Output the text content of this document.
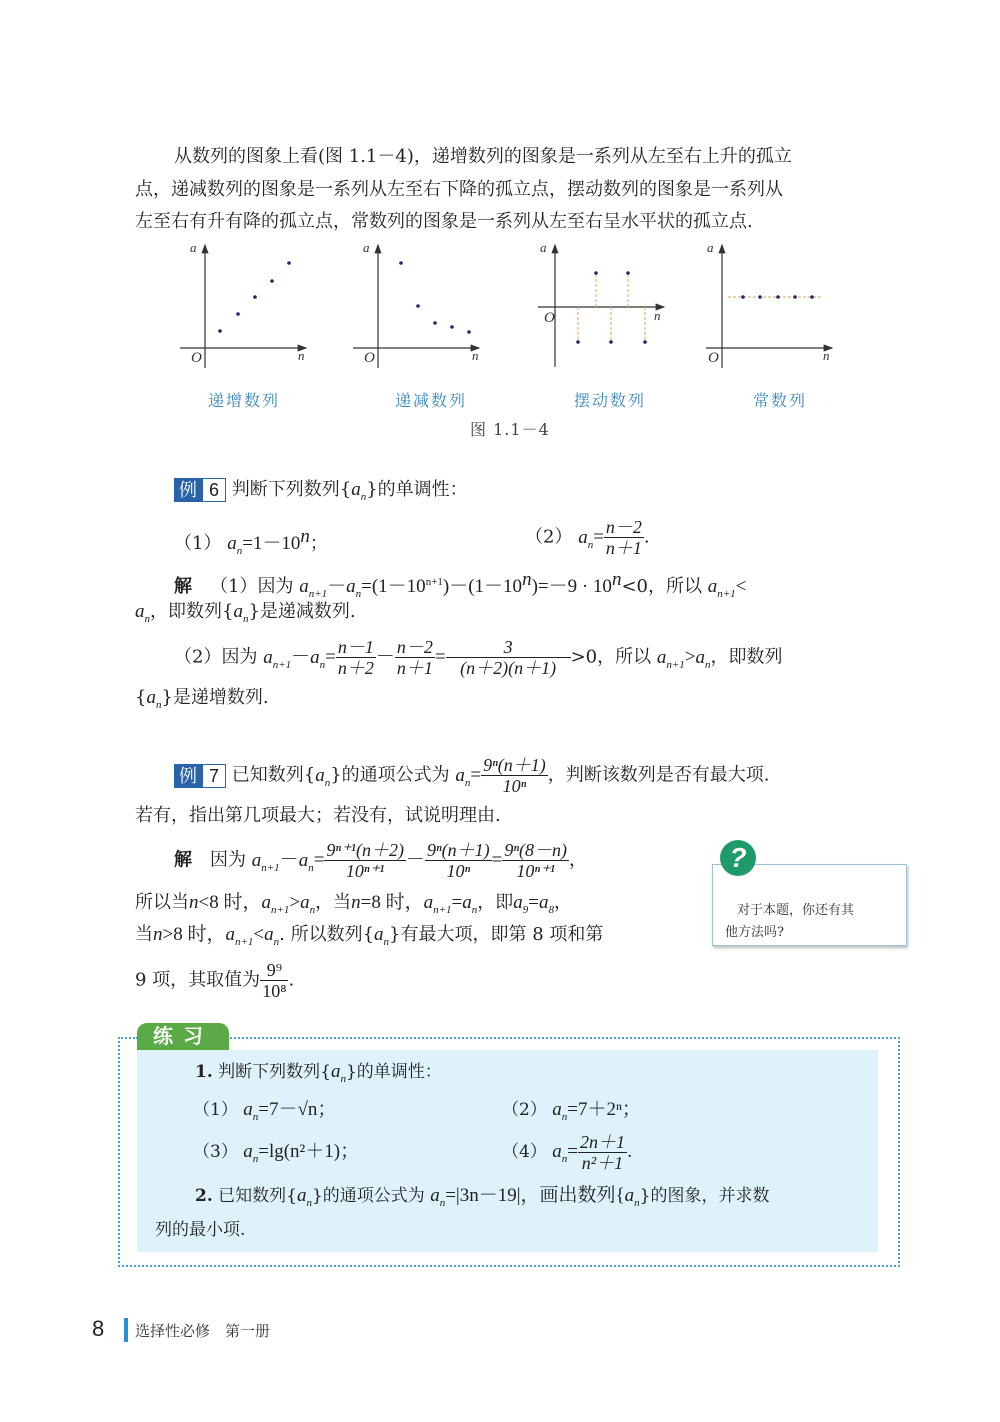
从数列的图象上看(图 1.1－4)，递增数列的图象是一系列从左至右上升的孤立
点，递减数列的图象是一系列从左至右下降的孤立点，摆动数列的图象是一系列从
左至右有升有降的孤立点，常数列的图象是一系列从左至右呈水平状的孤立点.
a	a	a	a
n	n
n
n
O	O
O
O
递增数列	递减数列	摆动数列	常数列
图 1.1－4
例 6 判断下列数列$\{a_n\}$的单调性：
（1） $a_n=1-10^n$；	（2） $a_n= \frac{n-2}{n+1}$ .
解  （1）因为 $a_{n+1}-a_n=(1-10^{n+1})-(1-10^n)=-9 \cdot 10^n<0$，所以 $a_{n+1}<$
$a_n$，即数列$\{a_n\}$是递减数列.
（2）因为 $a_{n+1}-a_n= \frac{n-1}{n+2} - \frac{n-2}{n+1} = \frac{3}{(n+2)(n+1)} >0$，所以 $a_{n+1}>a_n$，即数列
$\{a_n\}$是递增数列.
例 7 已知数列$\{a_n\}$的通项公式为 $a_n= \frac{\text{9ⁿ(n＋1)}}{\text{10ⁿ}}$ ，判断该数列是否有最大项.
若有，指出第几项最大；若没有，试说明理由.
解  因为 $a_{n+1}-a_n= \frac{\text{9ⁿ⁺¹(n＋2)}}{\text{10ⁿ⁺¹}} - \frac{\text{9ⁿ(n＋1)}}{\text{10ⁿ}} = \frac{\text{9ⁿ(8－n)}}{\text{10ⁿ⁺¹}}$ ，
所以当n<8 时，$a_{n+1}>a_n$，当n=8 时，$a_{n+1}=a_n$，即$a_9=a_8$，
当n>8 时，$a_{n+1}<a_n$. 所以数列$\{a_n\}$有最大项，即第 8 项和第
9 项，其取值为 $\frac{\text{9⁹}}{\text{10⁸}}$ .
对于本题，你还有其
他方法吗?
?
练习
1. 判断下列数列$\{a_n\}$的单调性：
（1） $a_n=7-√n$；	（2） $a_n=7+2^n$；
（3） $a_n=\lg(n^2+1)$；	（4） $a_n= \frac{2n+1}{\text{n²＋1}}$ .
2. 已知数列$\{a_n\}$的通项公式为 $a_n=|3n-19|$，画出数列$\{a_n\}$的图象，并求数
列的最小项.
8 选择性必修　第一册
